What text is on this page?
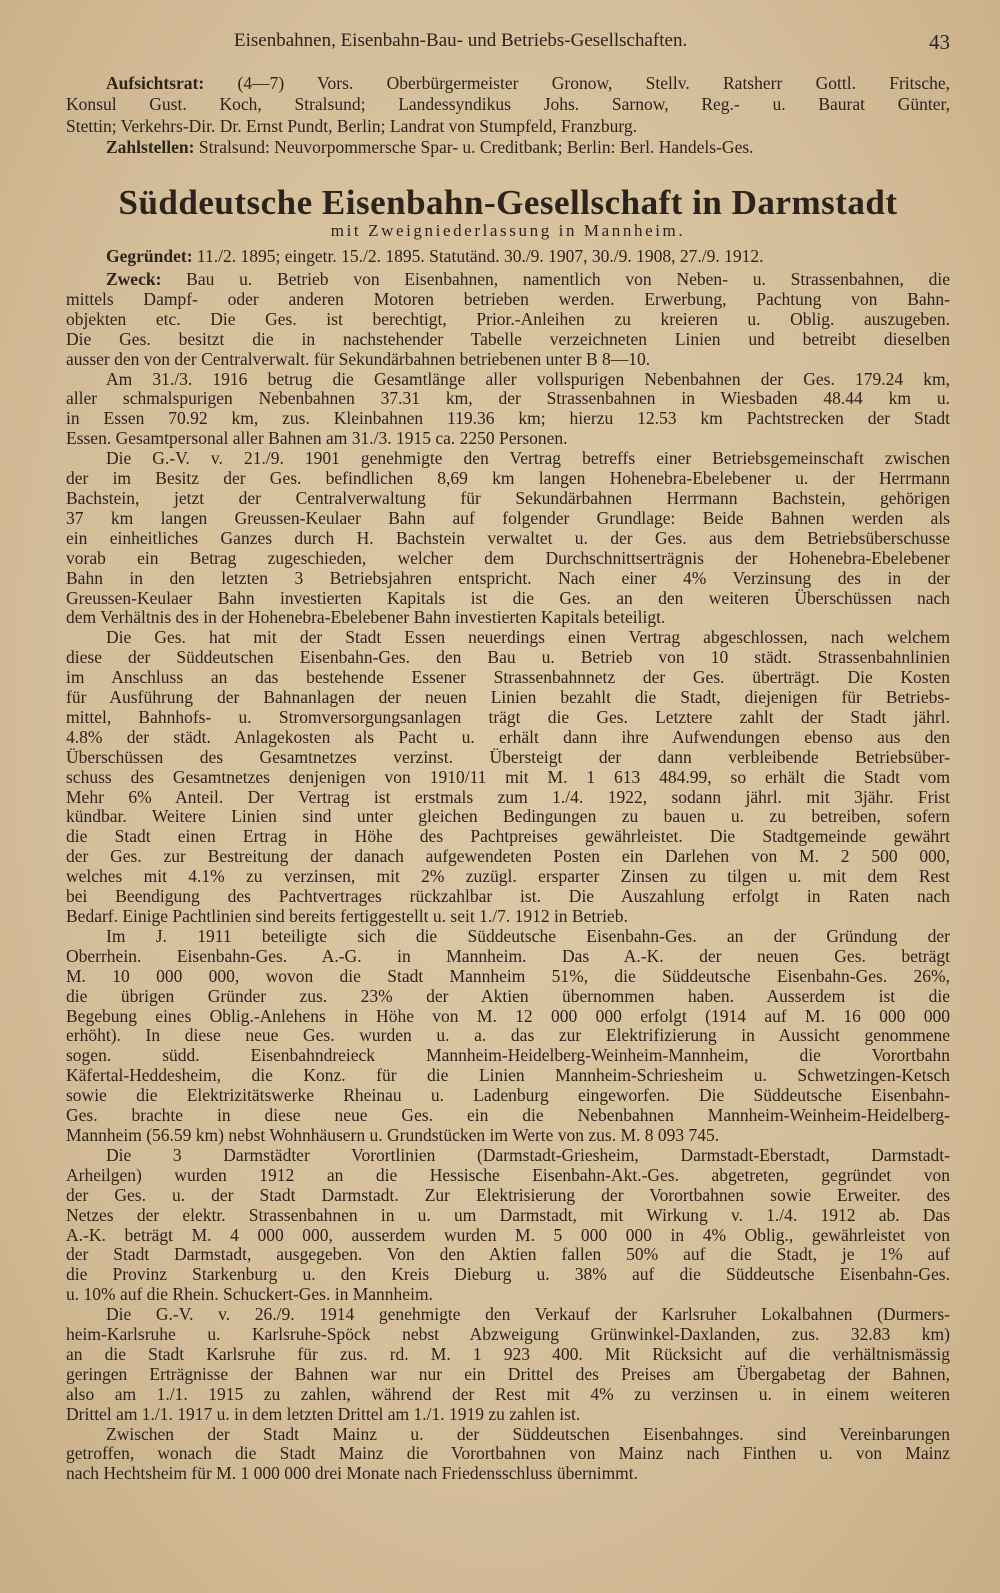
Eisenbahnen, Eisenbahn-Bau- und Betriebs-Gesellschaften.	43
Aufsichtsrat: (4—7) Vors. Oberbürgermeister Gronow, Stellv. Ratsherr Gottl. Fritsche,
Konsul Gust. Koch, Stralsund; Landessyndikus Johs. Sarnow, Reg.- u. Baurat Günter,
Stettin; Verkehrs-Dir. Dr. Ernst Pundt, Berlin; Landrat von Stumpfeld, Franzburg.
Zahlstellen: Stralsund: Neuvorpommersche Spar- u. Creditbank; Berlin: Berl. Handels-Ges.
Süddeutsche Eisenbahn-Gesellschaft in Darmstadt
mit Zweigniederlassung in Mannheim.
Gegründet: 11./2. 1895; eingetr. 15./2. 1895. Statutänd. 30./9. 1907, 30./9. 1908, 27./9. 1912.
Zweck: Bau u. Betrieb von Eisenbahnen, namentlich von Neben- u. Strassenbahnen, die
mittels Dampf- oder anderen Motoren betrieben werden. Erwerbung, Pachtung von Bahn-
objekten etc. Die Ges. ist berechtigt, Prior.-Anleihen zu kreieren u. Oblig. auszugeben.
Die Ges. besitzt die in nachstehender Tabelle verzeichneten Linien und betreibt dieselben
ausser den von der Centralverwalt. für Sekundärbahnen betriebenen unter B 8—10.
Am 31./3. 1916 betrug die Gesamtlänge aller vollspurigen Nebenbahnen der Ges. 179.24 km,
aller schmalspurigen Nebenbahnen 37.31 km, der Strassenbahnen in Wiesbaden 48.44 km u.
in Essen 70.92 km, zus. Kleinbahnen 119.36 km; hierzu 12.53 km Pachtstrecken der Stadt
Essen. Gesamtpersonal aller Bahnen am 31./3. 1915 ca. 2250 Personen.
Die G.-V. v. 21./9. 1901 genehmigte den Vertrag betreffs einer Betriebsgemeinschaft zwischen
der im Besitz der Ges. befindlichen 8,69 km langen Hohenebra-Ebelebener u. der Herrmann
Bachstein, jetzt der Centralverwaltung für Sekundärbahnen Herrmann Bachstein, gehörigen
37 km langen Greussen-Keulaer Bahn auf folgender Grundlage: Beide Bahnen werden als
ein einheitliches Ganzes durch H. Bachstein verwaltet u. der Ges. aus dem Betriebsüberschusse
vorab ein Betrag zugeschieden, welcher dem Durchschnittserträgnis der Hohenebra-Ebelebener
Bahn in den letzten 3 Betriebsjahren entspricht. Nach einer 4% Verzinsung des in der
Greussen-Keulaer Bahn investierten Kapitals ist die Ges. an den weiteren Überschüssen nach
dem Verhältnis des in der Hohenebra-Ebelebener Bahn investierten Kapitals beteiligt.
Die Ges. hat mit der Stadt Essen neuerdings einen Vertrag abgeschlossen, nach welchem
diese der Süddeutschen Eisenbahn-Ges. den Bau u. Betrieb von 10 städt. Strassenbahnlinien
im Anschluss an das bestehende Essener Strassenbahnnetz der Ges. überträgt. Die Kosten
für Ausführung der Bahnanlagen der neuen Linien bezahlt die Stadt, diejenigen für Betriebs-
mittel, Bahnhofs- u. Stromversorgungsanlagen trägt die Ges. Letztere zahlt der Stadt jährl.
4.8% der städt. Anlagekosten als Pacht u. erhält dann ihre Aufwendungen ebenso aus den
Überschüssen des Gesamtnetzes verzinst. Übersteigt der dann verbleibende Betriebsüber-
schuss des Gesamtnetzes denjenigen von 1910/11 mit M. 1 613 484.99, so erhält die Stadt vom
Mehr 6% Anteil. Der Vertrag ist erstmals zum 1./4. 1922, sodann jährl. mit 3jähr. Frist
kündbar. Weitere Linien sind unter gleichen Bedingungen zu bauen u. zu betreiben, sofern
die Stadt einen Ertrag in Höhe des Pachtpreises gewährleistet. Die Stadtgemeinde gewährt
der Ges. zur Bestreitung der danach aufgewendeten Posten ein Darlehen von M. 2 500 000,
welches mit 4.1% zu verzinsen, mit 2% zuzügl. ersparter Zinsen zu tilgen u. mit dem Rest
bei Beendigung des Pachtvertrages rückzahlbar ist. Die Auszahlung erfolgt in Raten nach
Bedarf. Einige Pachtlinien sind bereits fertiggestellt u. seit 1./7. 1912 in Betrieb.
Im J. 1911 beteiligte sich die Süddeutsche Eisenbahn-Ges. an der Gründung der
Oberrhein. Eisenbahn-Ges. A.-G. in Mannheim. Das A.-K. der neuen Ges. beträgt
M. 10 000 000, wovon die Stadt Mannheim 51%, die Süddeutsche Eisenbahn-Ges. 26%,
die übrigen Gründer zus. 23% der Aktien übernommen haben. Ausserdem ist die
Begebung eines Oblig.-Anlehens in Höhe von M. 12 000 000 erfolgt (1914 auf M. 16 000 000
erhöht). In diese neue Ges. wurden u. a. das zur Elektrifizierung in Aussicht genommene
sogen. südd. Eisenbahndreieck Mannheim-Heidelberg-Weinheim-Mannheim, die Vorortbahn
Käfertal-Heddesheim, die Konz. für die Linien Mannheim-Schriesheim u. Schwetzingen-Ketsch
sowie die Elektrizitätswerke Rheinau u. Ladenburg eingeworfen. Die Süddeutsche Eisenbahn-
Ges. brachte in diese neue Ges. ein die Nebenbahnen Mannheim-Weinheim-Heidelberg-
Mannheim (56.59 km) nebst Wohnhäusern u. Grundstücken im Werte von zus. M. 8 093 745.
Die 3 Darmstädter Vorortlinien (Darmstadt-Griesheim, Darmstadt-Eberstadt, Darmstadt-
Arheilgen) wurden 1912 an die Hessische Eisenbahn-Akt.-Ges. abgetreten, gegründet von
der Ges. u. der Stadt Darmstadt. Zur Elektrisierung der Vorortbahnen sowie Erweiter. des
Netzes der elektr. Strassenbahnen in u. um Darmstadt, mit Wirkung v. 1./4. 1912 ab. Das
A.-K. beträgt M. 4 000 000, ausserdem wurden M. 5 000 000 in 4% Oblig., gewährleistet von
der Stadt Darmstadt, ausgegeben. Von den Aktien fallen 50% auf die Stadt, je 1% auf
die Provinz Starkenburg u. den Kreis Dieburg u. 38% auf die Süddeutsche Eisenbahn-Ges.
u. 10% auf die Rhein. Schuckert-Ges. in Mannheim.
Die G.-V. v. 26./9. 1914 genehmigte den Verkauf der Karlsruher Lokalbahnen (Durmers-
heim-Karlsruhe u. Karlsruhe-Spöck nebst Abzweigung Grünwinkel-Daxlanden, zus. 32.83 km)
an die Stadt Karlsruhe für zus. rd. M. 1 923 400. Mit Rücksicht auf die verhältnismässig
geringen Erträgnisse der Bahnen war nur ein Drittel des Preises am Übergabetag der Bahnen,
also am 1./1. 1915 zu zahlen, während der Rest mit 4% zu verzinsen u. in einem weiteren
Drittel am 1./1. 1917 u. in dem letzten Drittel am 1./1. 1919 zu zahlen ist.
Zwischen der Stadt Mainz u. der Süddeutschen Eisenbahnges. sind Vereinbarungen
getroffen, wonach die Stadt Mainz die Vorortbahnen von Mainz nach Finthen u. von Mainz
nach Hechtsheim für M. 1 000 000 drei Monate nach Friedensschluss übernimmt.
